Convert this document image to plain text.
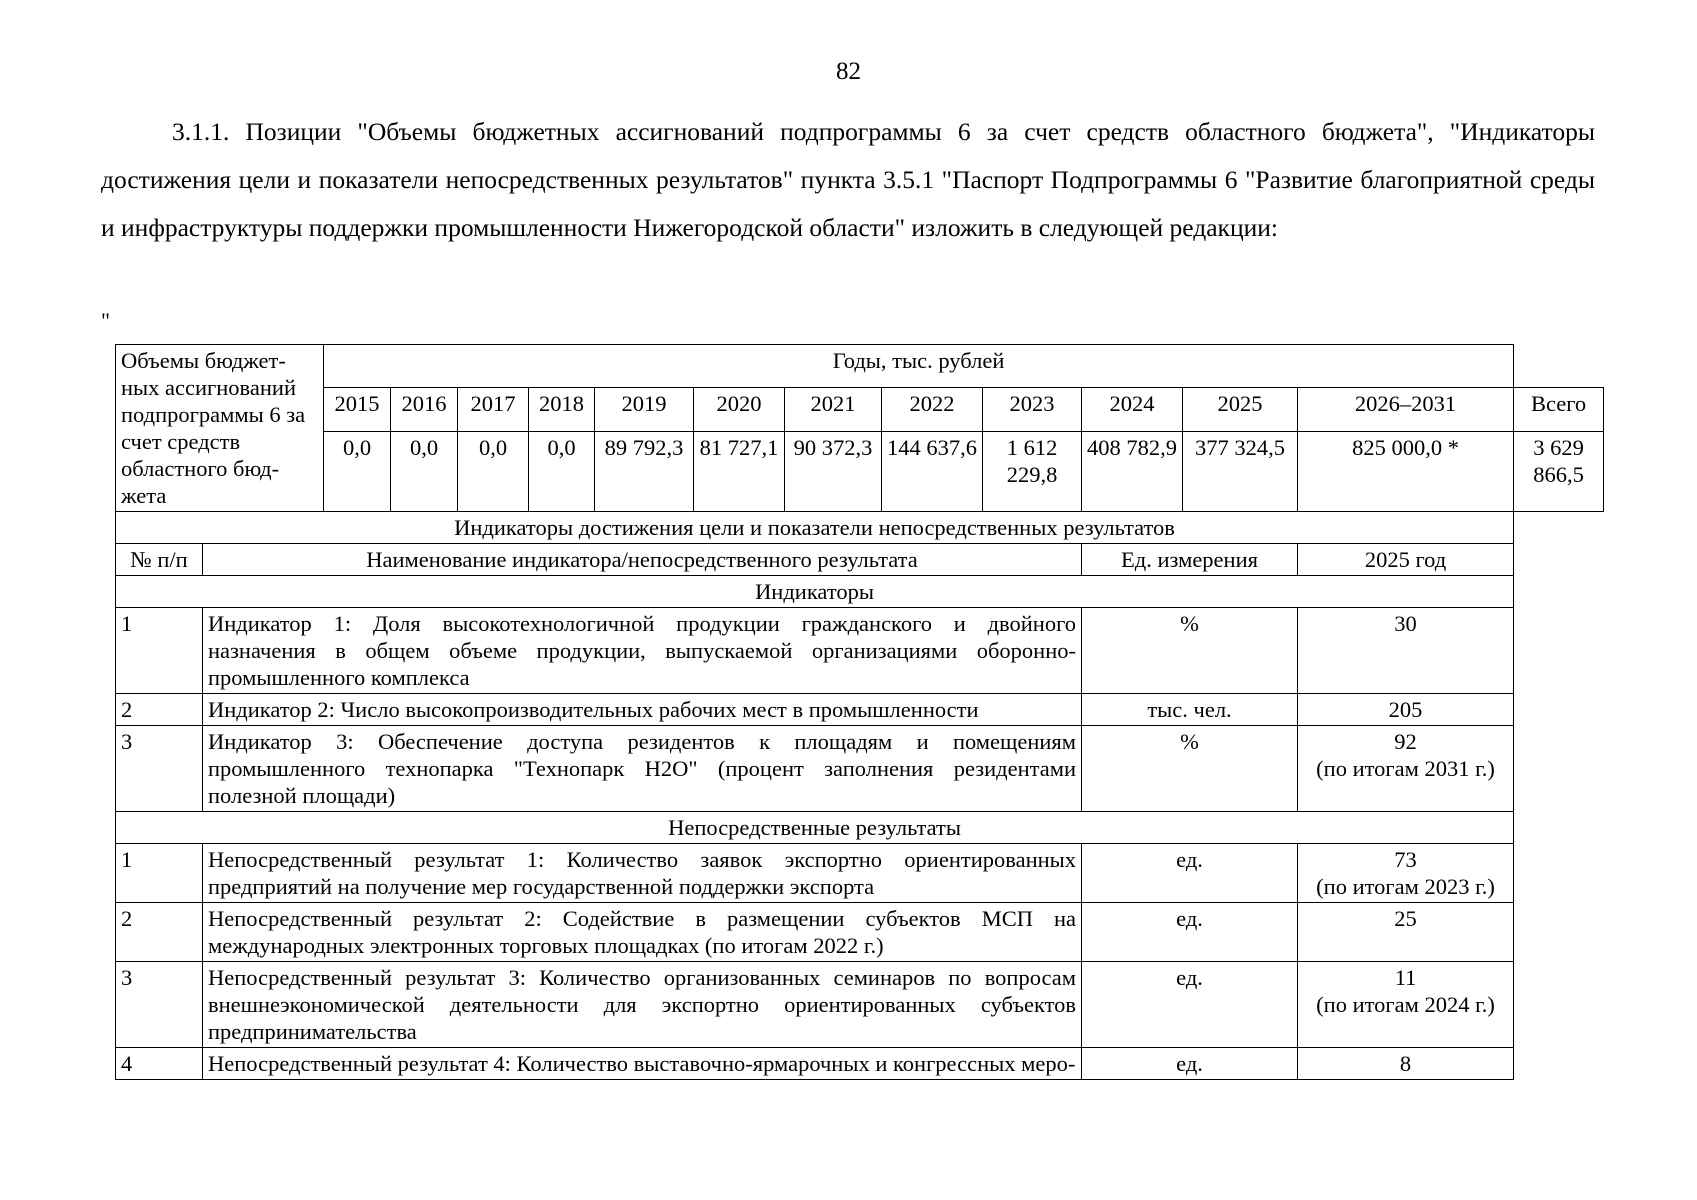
82

3.1.1. Позиции "Объемы бюджетных ассигнований подпрограммы 6 за счет средств областного бюджета", "Индикаторы достижения цели и показатели непосредственных результатов" пункта 3.5.1 "Паспорт Подпрограммы 6 "Развитие благоприятной среды и инфраструктуры поддержки промышленности Нижегородской области" изложить в следующей редакции:

"
Объемы бюджет-ных ассигнований подпрограммы 6 за счет средств областного бюд-жета		Годы, тыс. рублей												
		2015	2016	2017	2018	2019	2020	2021	2022	2023	2024	2025	2026–2031	Всего
		0,0	0,0	0,0	0,0	89 792,3	81 727,1	90 372,3	144 637,6	1 612 229,8	408 782,9	377 324,5	825 000,0 *	3 629 866,5
Индикаторы достижения цели и показатели непосредственных результатов														
№ п/п	Наименование индикатора/непосредственного результата										Ед. измерения		2025 год	
Индикаторы														
1	Индикатор 1: Доля высокотехнологичной продукции гражданского и двойного назначения в общем объеме продукции, выпускаемой организациями оборонно-промышленного комплекса										%		30	

2	Индикатор 2: Число высокопроизводительных рабочих мест в промышленности										тыс. чел.		205	

3	Индикатор 3: Обеспечение доступа резидентов к площадям и помещениям промышленного технопарка "Технопарк Н2О" (процент заполнения резидентами полезной площади)										%		92
(по итогам 2031 г.)	

Непосредственные результаты														
1	Непосредственный результат 1: Количество заявок экспортно ориентированных предприятий на получение мер государственной поддержки экспорта										ед.		73
(по итогам 2023 г.)	

2	Непосредственный результат 2: Содействие в размещении субъектов МСП на международных электронных торговых площадках (по итогам 2022 г.)										ед.		25	

3	Непосредственный результат 3: Количество организованных семинаров по вопросам внешнеэкономической деятельности для экспортно ориентированных субъектов предпринимательства										ед.		11
(по итогам 2024 г.)	

4	Непосредственный результат 4: Количество выставочно-ярмарочных и конгрессных меро-										ед.		8	
